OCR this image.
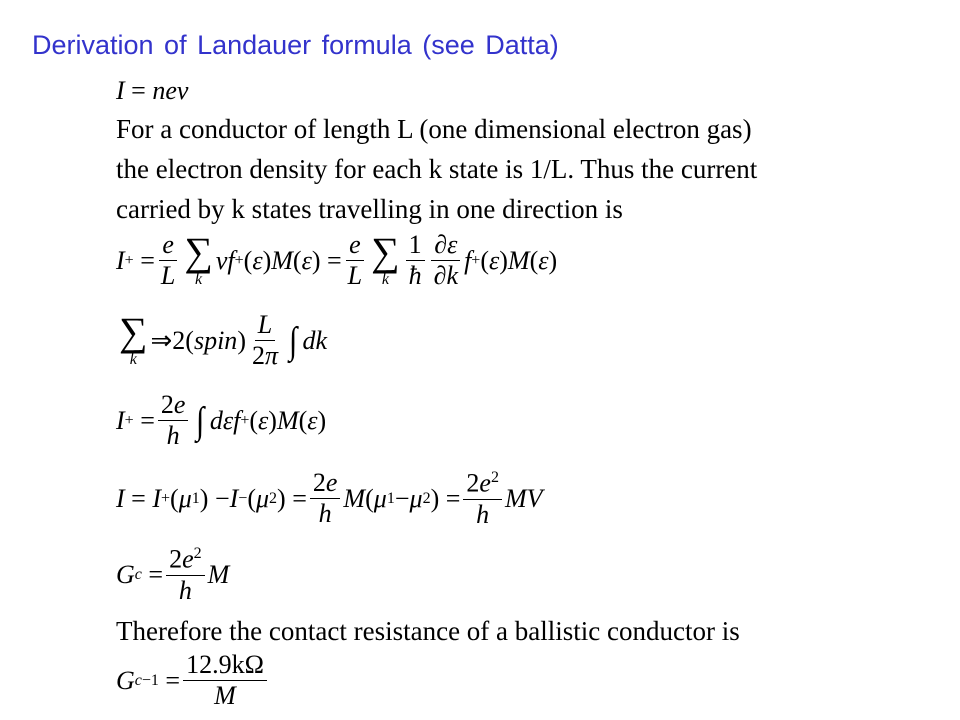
Derivation of Landauer formula (see Datta)
I = nev
For a conductor of length L (one dimensional electron gas)
the electron density for each k state is 1/L. Thus the current
carried by k states travelling in one direction is
I + = $\frac{e}{L}$ ∑
k
vf + ( ε ) M ( ε ) = $\frac{e}{L}$ ∑
k $\frac{1}{ħ} \frac{\partial\varepsilon}{\partial k}$ f + ( ε ) M ( ε )
∑
k
⇒2( spin ) $\frac{L}{2\pi}$ ∫ dk
I + = $\frac{2e}{h}$ ∫ dεf + ( ε ) M ( ε )
I = I + ( μ 1 ) − I − ( μ 2 ) = $\frac{2e}{h}$ M ( μ 1 − μ 2 ) = $\frac{2e^2}{h}$ MV
G $c = \frac{2e^2}{h}$ M
Therefore the contact resistance of a ballistic conductor is
G $c -1 = \frac{12.9k\Omega}{M}$
